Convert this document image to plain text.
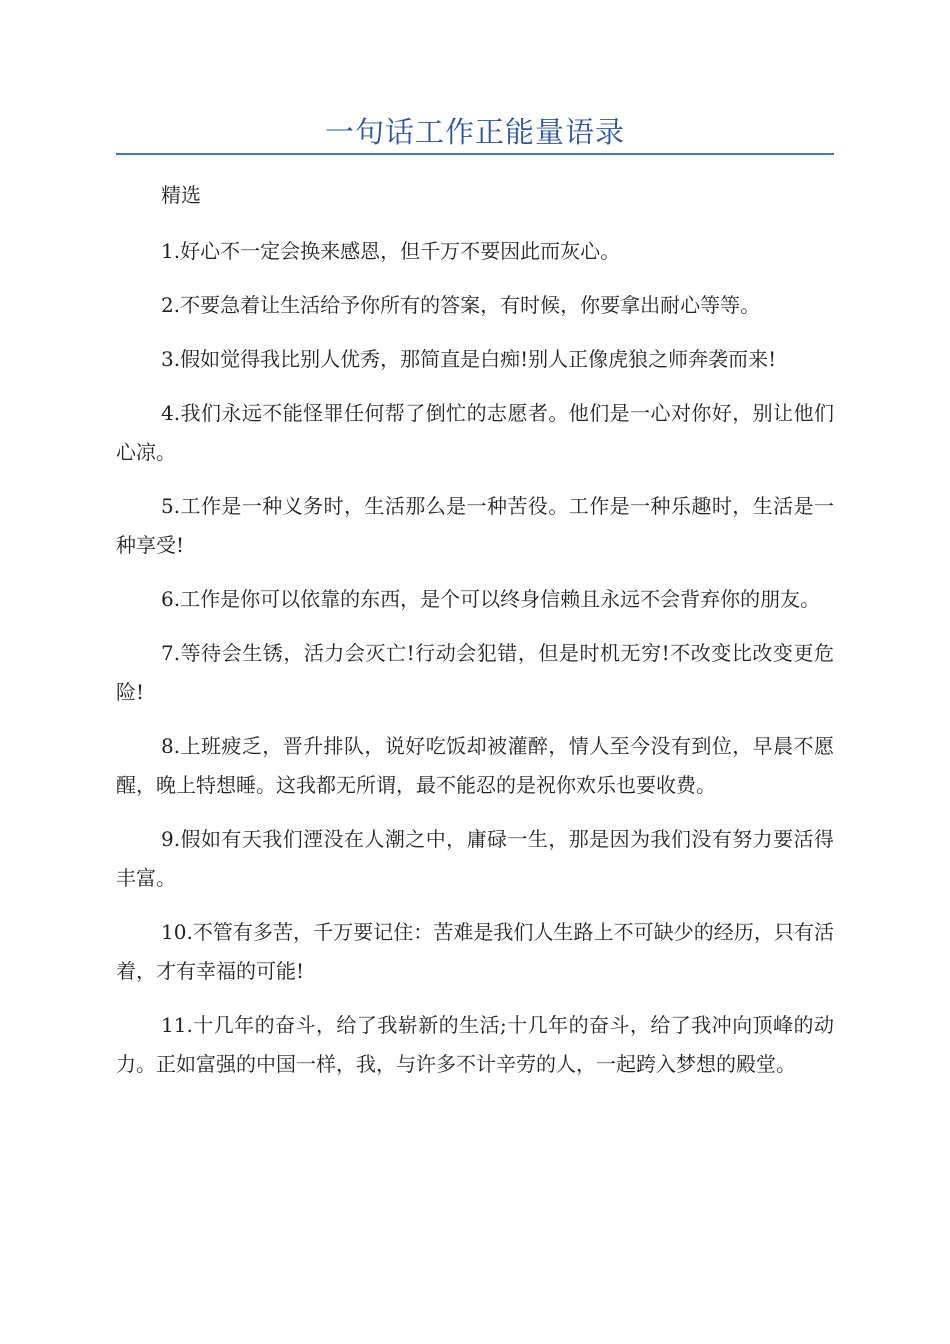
一句话工作正能量语录

精选

1.好心不一定会换来感恩，但千万不要因此而灰心。

2.不要急着让生活给予你所有的答案，有时候，你要拿出耐心等等。

3.假如觉得我比别人优秀，那简直是白痴!别人正像虎狼之师奔袭而来!

4.我们永远不能怪罪任何帮了倒忙的志愿者。他们是一心对你好，别让他们心凉。

5.工作是一种义务时，生活那么是一种苦役。工作是一种乐趣时，生活是一种享受!

6.工作是你可以依靠的东西，是个可以终身信赖且永远不会背弃你的朋友。

7.等待会生锈，活力会灭亡!行动会犯错，但是时机无穷!不改变比改变更危险!

8.上班疲乏，晋升排队，说好吃饭却被灌醉，情人至今没有到位，早晨不愿醒，晚上特想睡。这我都无所谓，最不能忍的是祝你欢乐也要收费。

9.假如有天我们湮没在人潮之中，庸碌一生，那是因为我们没有努力要活得丰富。

10.不管有多苦，千万要记住：苦难是我们人生路上不可缺少的经历，只有活着，才有幸福的可能!

11.十几年的奋斗，给了我崭新的生活;十几年的奋斗，给了我冲向顶峰的动力。正如富强的中国一样，我，与许多不计辛劳的人，一起跨入梦想的殿堂。
